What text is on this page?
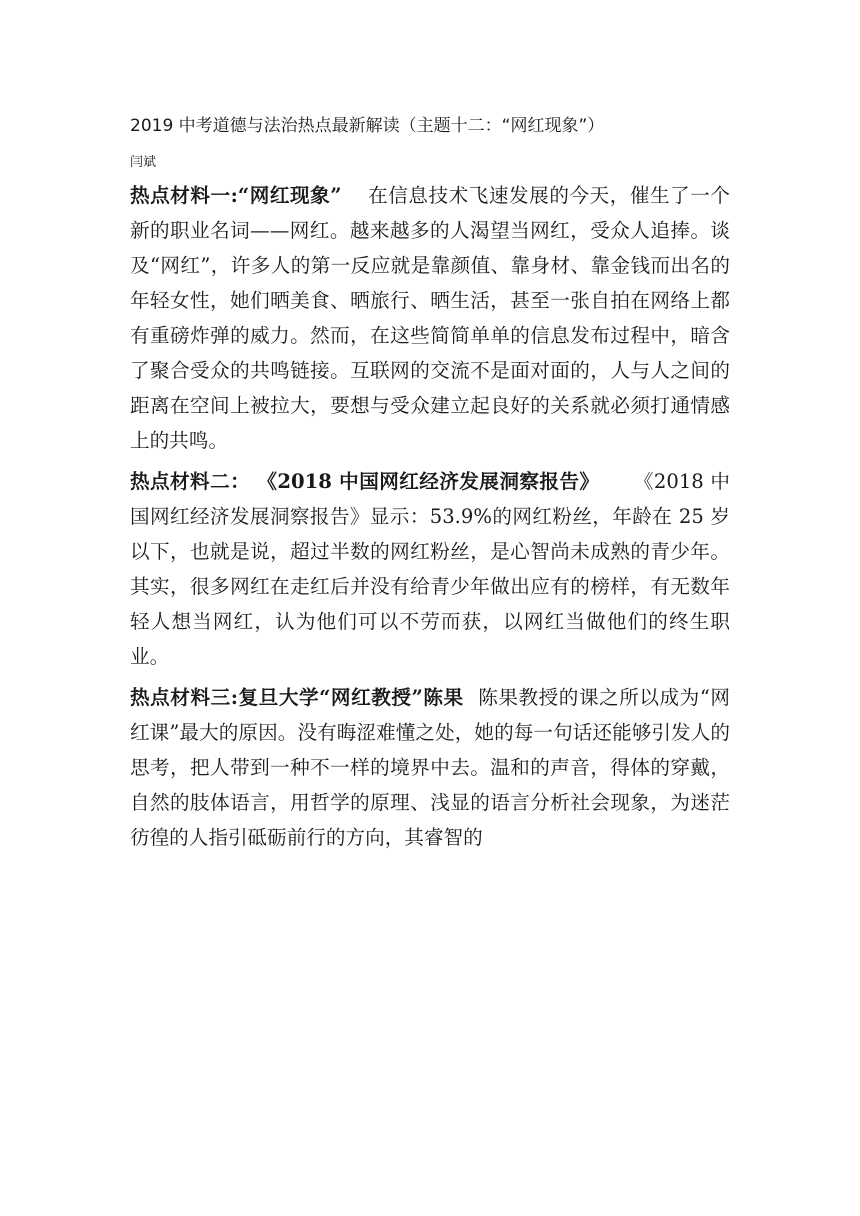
2019 中考道德与法治热点最新解读（主题十二：“网红现象”）
闫斌

热点材料一:“网红现象” 在信息技术飞速发展的今天，催生了一个新的职业名词——网红。越来越多的人渴望当网红，受众人追捧。谈及“网红”，许多人的第一反应就是靠颜值、靠身材、靠金钱而出名的年轻女性，她们晒美食、晒旅行、晒生活，甚至一张自拍在网络上都有重磅炸弹的威力。然而，在这些简简单单的信息发布过程中，暗含了聚合受众的共鸣链接。互联网的交流不是面对面的，人与人之间的距离在空间上被拉大，要想与受众建立起良好的关系就必须打通情感上的共鸣。

热点材料二： 《2018 中国网红经济发展洞察报告》 《2018 中国网红经济发展洞察报告》显示：53.9%的网红粉丝，年龄在 25 岁以下，也就是说，超过半数的网红粉丝，是心智尚未成熟的青少年。其实，很多网红在走红后并没有给青少年做出应有的榜样，有无数年轻人想当网红，认为他们可以不劳而获，以网红当做他们的终生职业。

热点材料三:复旦大学“网红教授”陈果 陈果教授的课之所以成为“网红课”最大的原因。没有晦涩难懂之处，她的每一句话还能够引发人的思考，把人带到一种不一样的境界中去。温和的声音，得体的穿戴，自然的肢体语言，用哲学的原理、浅显的语言分析社会现象，为迷茫彷徨的人指引砥砺前行的方向，其睿智的
